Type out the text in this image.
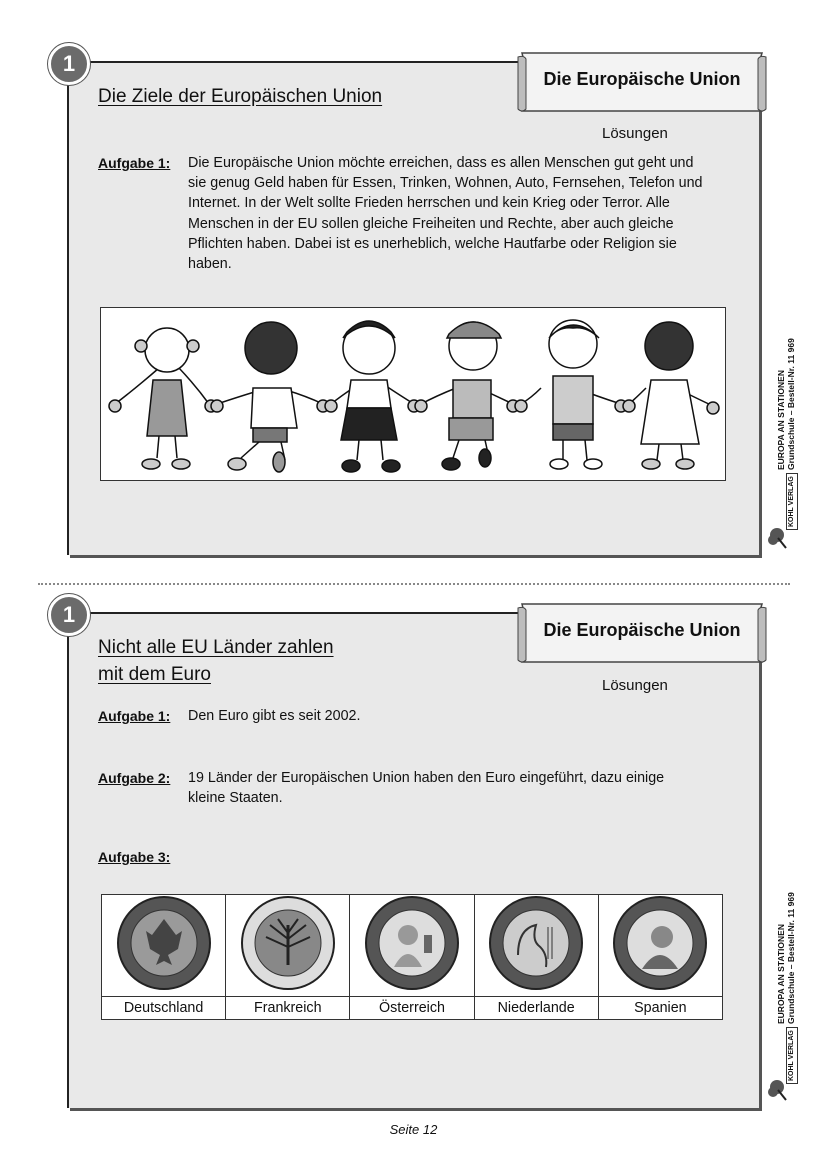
1
Die Europäische Union
Die Ziele der Europäischen Union
Lösungen
Aufgabe 1: Die Europäische Union möchte erreichen, dass es allen Menschen gut geht und
sie genug Geld haben für Essen, Trinken, Wohnen, Auto, Fernsehen, Telefon und
Internet. In der Welt sollte Frieden herrschen und kein Krieg oder Terror. Alle
Menschen in der EU sollen gleiche Freiheiten und Rechte, aber auch gleiche
Pflichten haben. Dabei ist es unerheblich, welche Hautfarbe oder Religion sie
haben.
EUROPA AN STATIONEN Grundschule – Bestell-Nr. 11 969
KOHL VERLAG
1
Die Europäische Union
Nicht alle EU Länder zahlen
mit dem Euro
Lösungen
Aufgabe 1: Den Euro gibt es seit 2002.
Aufgabe 2: 19 Länder der Europäischen Union haben den Euro eingeführt, dazu einige
kleine Staaten.
Aufgabe 3:

Deutschland	Frankreich	Österreich	Niederlande	Spanien	EUROPA AN STATIONEN Grundschule – Bestell-Nr. 11 969
KOHL VERLAG
Seite 12
